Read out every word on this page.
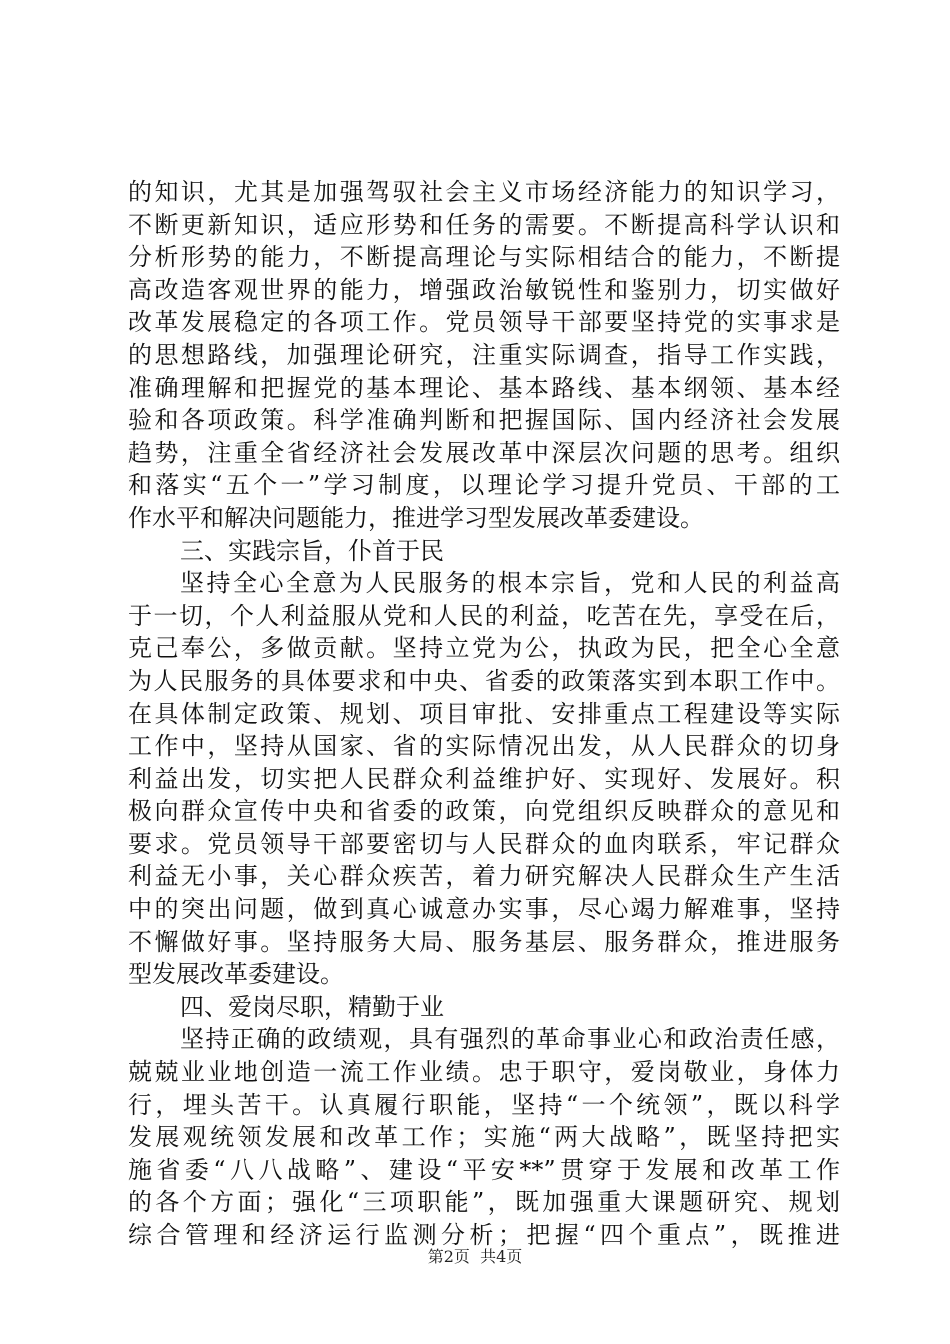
的知识，尤其是加强驾驭社会主义市场经济能力的知识学习，
不断更新知识，适应形势和任务的需要。不断提高科学认识和
分析形势的能力，不断提高理论与实际相结合的能力，不断提
高改造客观世界的能力，增强政治敏锐性和鉴别力，切实做好
改革发展稳定的各项工作。党员领导干部要坚持党的实事求是
的思想路线，加强理论研究，注重实际调查，指导工作实践，
准确理解和把握党的基本理论、基本路线、基本纲领、基本经
验和各项政策。科学准确判断和把握国际、国内经济社会发展
趋势，注重全省经济社会发展改革中深层次问题的思考。组织
和落实“五个一”学习制度，以理论学习提升党员、干部的工
作水平和解决问题能力，推进学习型发展改革委建设。
三、实践宗旨，仆首于民
坚持全心全意为人民服务的根本宗旨，党和人民的利益高
于一切，个人利益服从党和人民的利益，吃苦在先，享受在后，
克己奉公，多做贡献。坚持立党为公，执政为民，把全心全意
为人民服务的具体要求和中央、省委的政策落实到本职工作中。
在具体制定政策、规划、项目审批、安排重点工程建设等实际
工作中，坚持从国家、省的实际情况出发，从人民群众的切身
利益出发，切实把人民群众利益维护好、实现好、发展好。积
极向群众宣传中央和省委的政策，向党组织反映群众的意见和
要求。党员领导干部要密切与人民群众的血肉联系，牢记群众
利益无小事，关心群众疾苦，着力研究解决人民群众生产生活
中的突出问题，做到真心诚意办实事，尽心竭力解难事，坚持
不懈做好事。坚持服务大局、服务基层、服务群众，推进服务
型发展改革委建设。
四、爱岗尽职，精勤于业
坚持正确的政绩观，具有强烈的革命事业心和政治责任感，
兢兢业业地创造一流工作业绩。忠于职守，爱岗敬业，身体力
行，埋头苦干。认真履行职能，坚持“一个统领”，既以科学
发展观统领发展和改革工作；实施“两大战略”，既坚持把实
施省委“八八战略”、建设“平安**”贯穿于发展和改革工作
的各个方面；强化“三项职能”，既加强重大课题研究、规划
综合管理和经济运行监测分析；把握“四个重点”，既推进
第2页  共4页
